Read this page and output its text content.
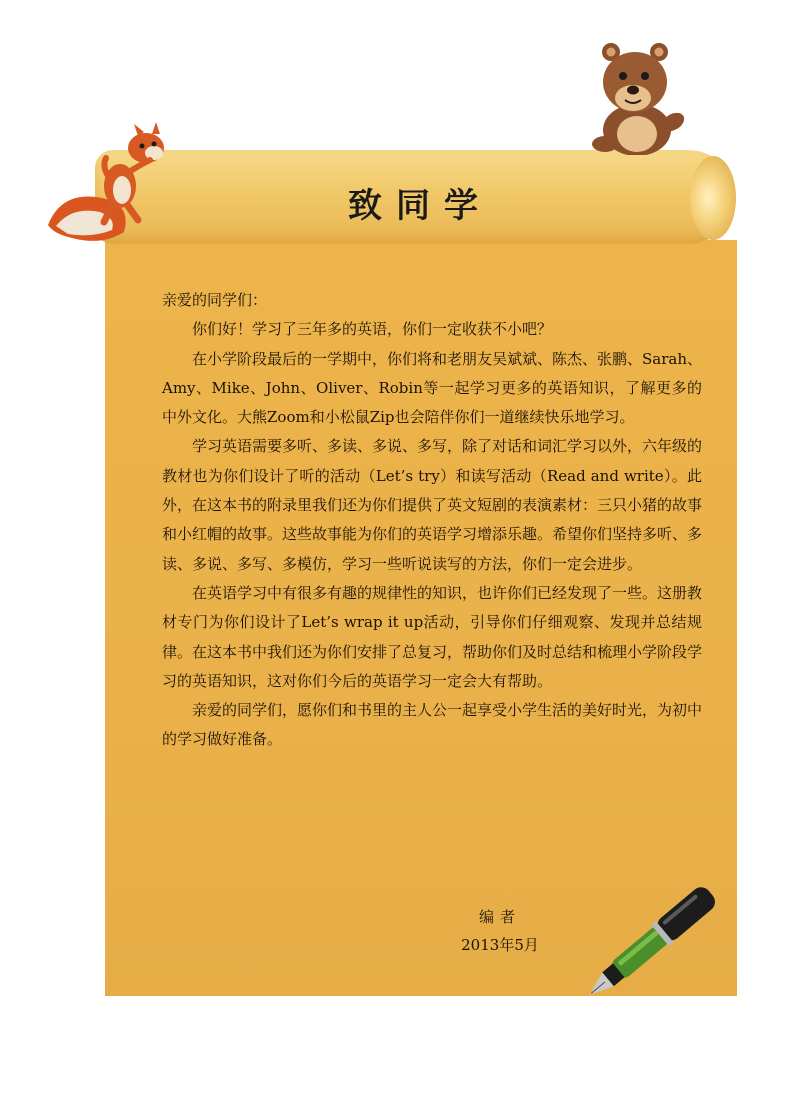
致同学

亲爱的同学们：

你们好！学习了三年多的英语，你们一定收获不小吧？

在小学阶段最后的一学期中，你们将和老朋友吴斌斌、陈杰、张鹏、Sarah、Amy、Mike、John、Oliver、Robin等一起学习更多的英语知识，了解更多的中外文化。大熊Zoom和小松鼠Zip也会陪伴你们一道继续快乐地学习。

学习英语需要多听、多读、多说、多写，除了对话和词汇学习以外，六年级的教材也为你们设计了听的活动（Let’s try）和读写活动（Read and write）。此外，在这本书的附录里我们还为你们提供了英文短剧的表演素材：三只小猪的故事和小红帽的故事。这些故事能为你们的英语学习增添乐趣。希望你们坚持多听、多读、多说、多写、多模仿，学习一些听说读写的方法，你们一定会进步。

在英语学习中有很多有趣的规律性的知识，也许你们已经发现了一些。这册教材专门为你们设计了Let’s wrap it up活动，引导你们仔细观察、发现并总结规律。在这本书中我们还为你们安排了总复习，帮助你们及时总结和梳理小学阶段学习的英语知识，这对你们今后的英语学习一定会大有帮助。

亲爱的同学们，愿你们和书里的主人公一起享受小学生活的美好时光，为初中的学习做好准备。

编者
2013年5月
